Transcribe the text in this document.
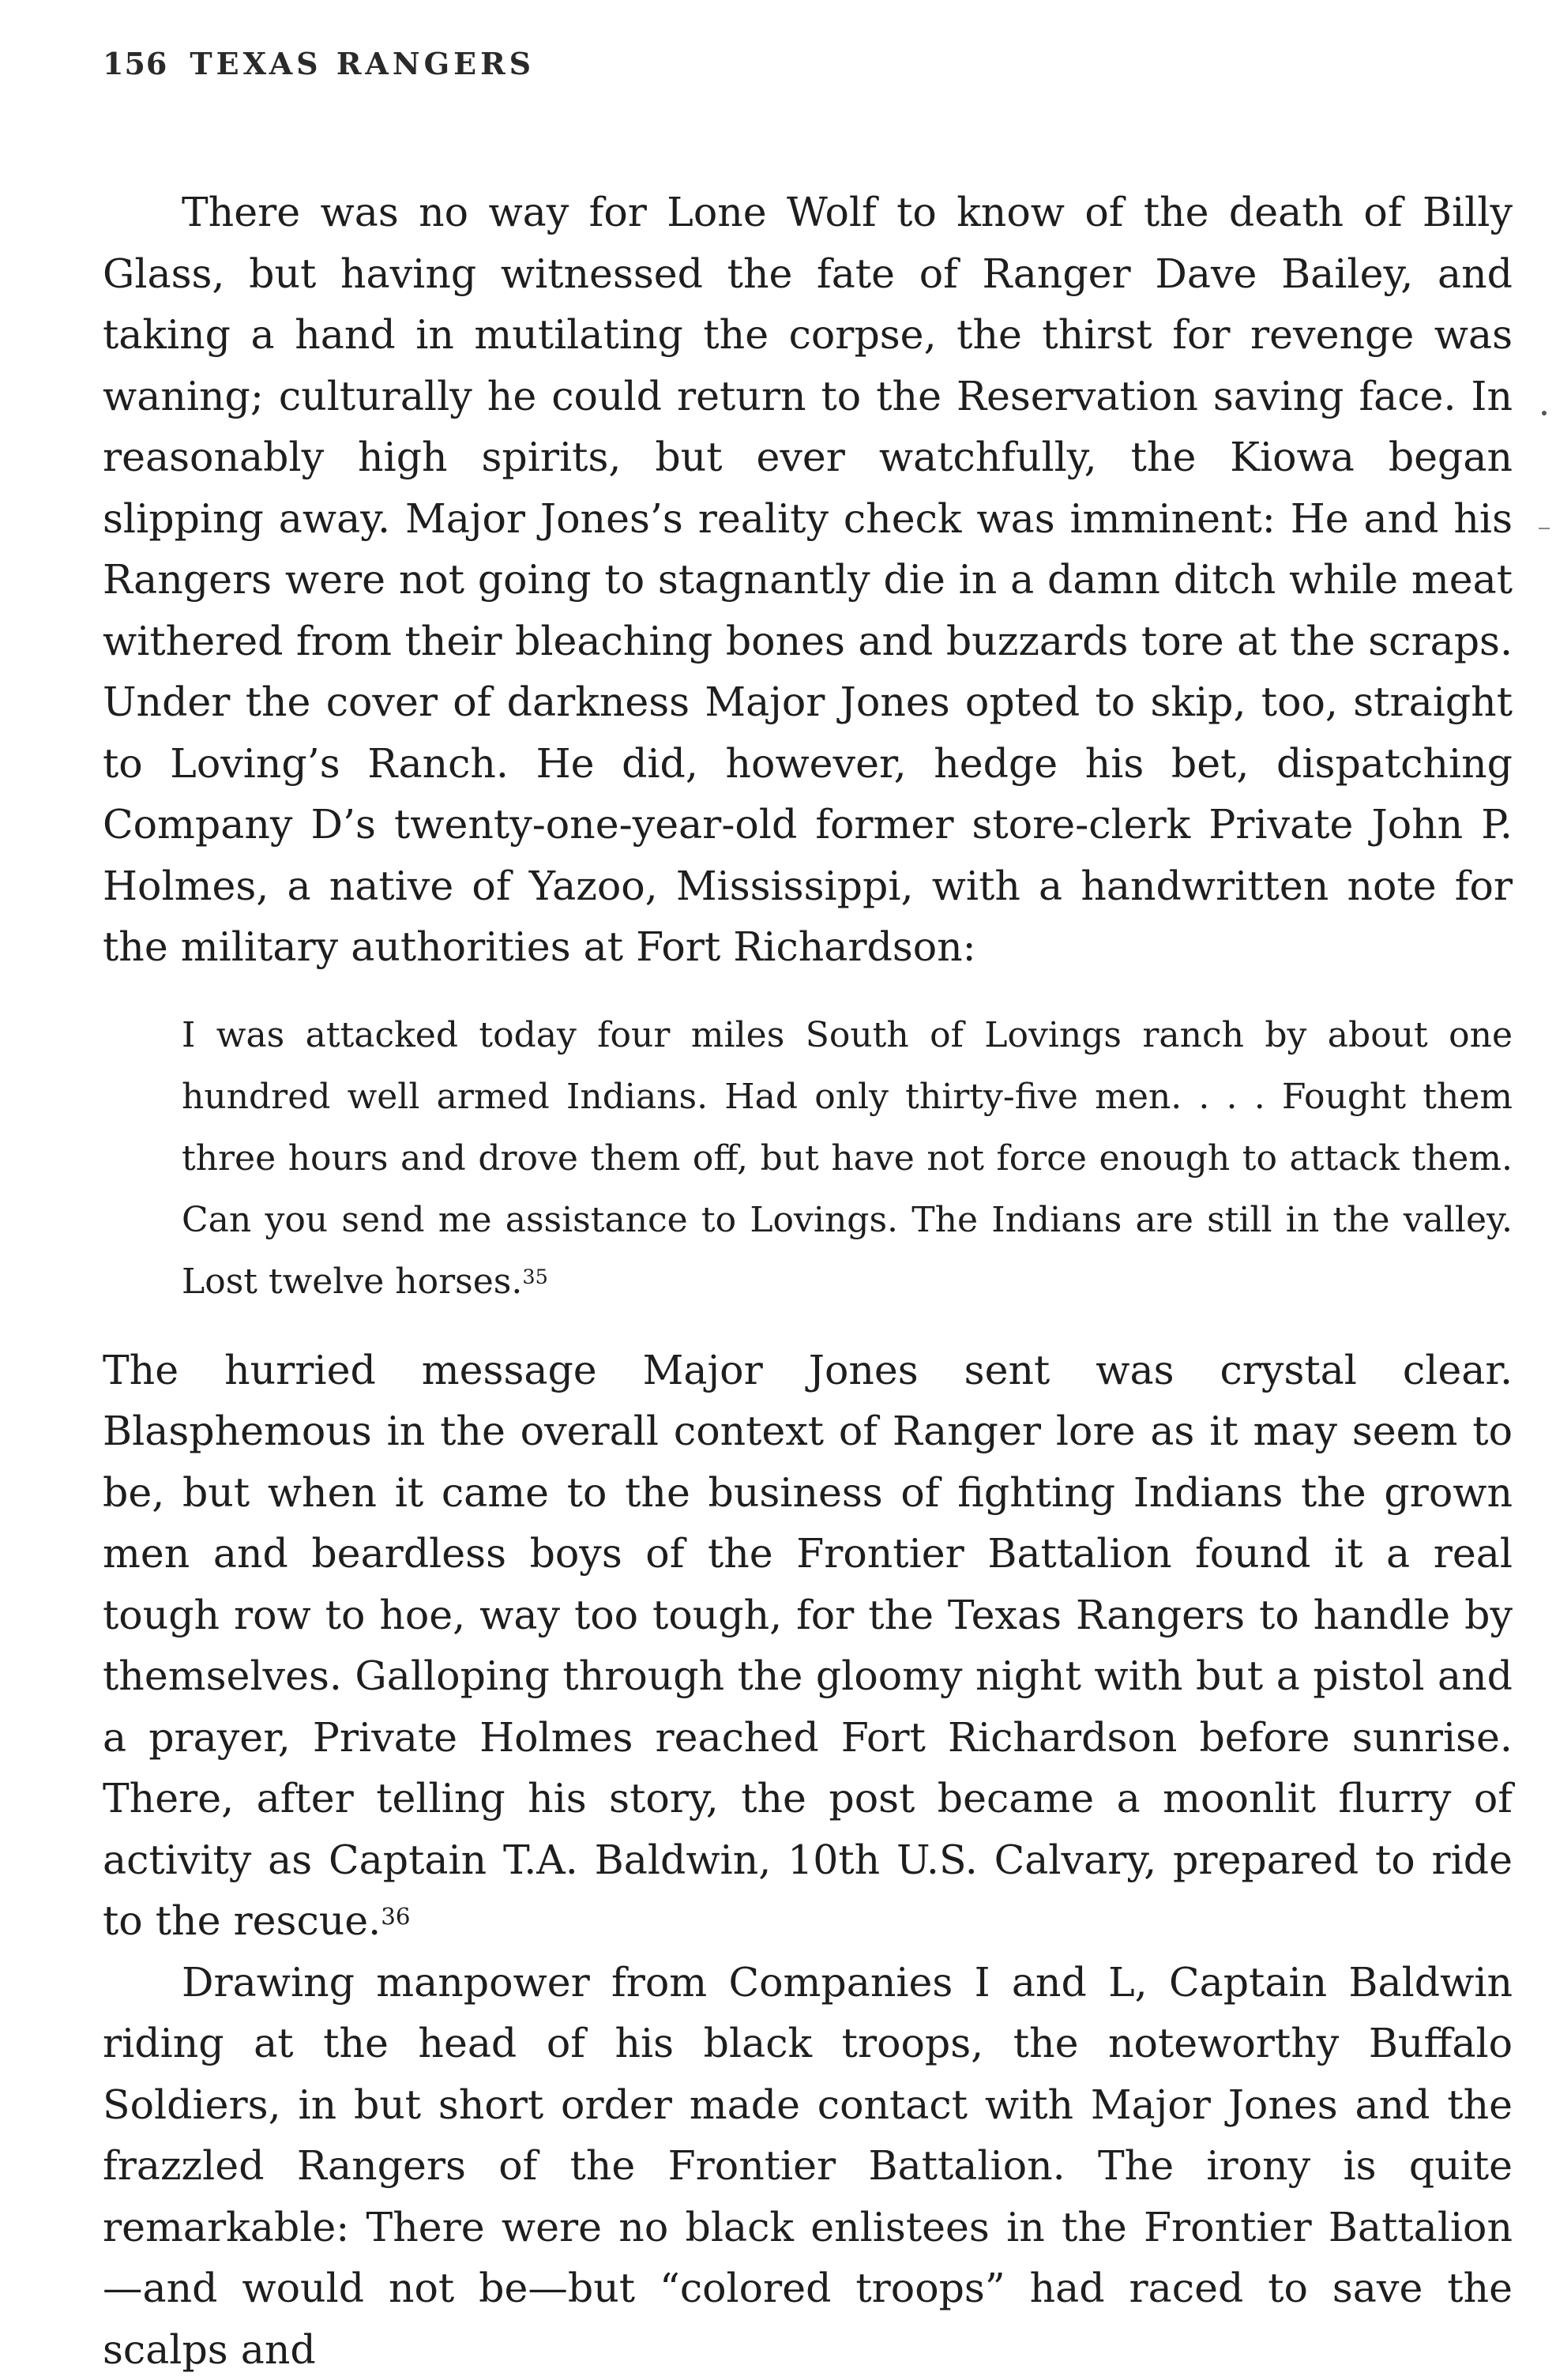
156 TEXAS RANGERS

There was no way for Lone Wolf to know of the death of Billy Glass, but having witnessed the fate of Ranger Dave Bailey, and taking a hand in mutilating the corpse, the thirst for revenge was waning; culturally he could return to the Reservation saving face. In reasonably high spirits, but ever watchfully, the Kiowa began slipping away. Major Jones’s reality check was imminent: He and his Rangers were not going to stagnantly die in a damn ditch while meat withered from their bleaching bones and buzzards tore at the scraps. Under the cover of darkness Major Jones opted to skip, too, straight to Loving’s Ranch. He did, however, hedge his bet, dispatching Company D’s twenty-one-year-old former store-clerk Private John P. Holmes, a native of Yazoo, Mississippi, with a handwritten note for the military authorities at Fort Richardson:

I was attacked today four miles South of Lovings ranch by about one hundred well armed Indians. Had only thirty-five men. . . . Fought them three hours and drove them off, but have not force enough to attack them. Can you send me assistance to Lovings. The Indians are still in the valley. Lost twelve horses.$^{35}$

The hurried message Major Jones sent was crystal clear. Blasphemous in the overall context of Ranger lore as it may seem to be, but when it came to the business of fighting Indians the grown men and beardless boys of the Frontier Battalion found it a real tough row to hoe, way too tough, for the Texas Rangers to handle by themselves. Galloping through the gloomy night with but a pistol and a prayer, Private Holmes reached Fort Richardson before sunrise. There, after telling his story, the post became a moonlit flurry of activity as Captain T.A. Baldwin, 10th U.S. Calvary, prepared to ride to the rescue.$^{36}$

Drawing manpower from Companies I and L, Captain Baldwin riding at the head of his black troops, the noteworthy Buffalo Soldiers, in but short order made contact with Major Jones and the frazzled Rangers of the Frontier Battalion. The irony is quite remarkable: There were no black enlistees in the Frontier Battalion—and would not be—but “colored troops” had raced to save the scalps and
